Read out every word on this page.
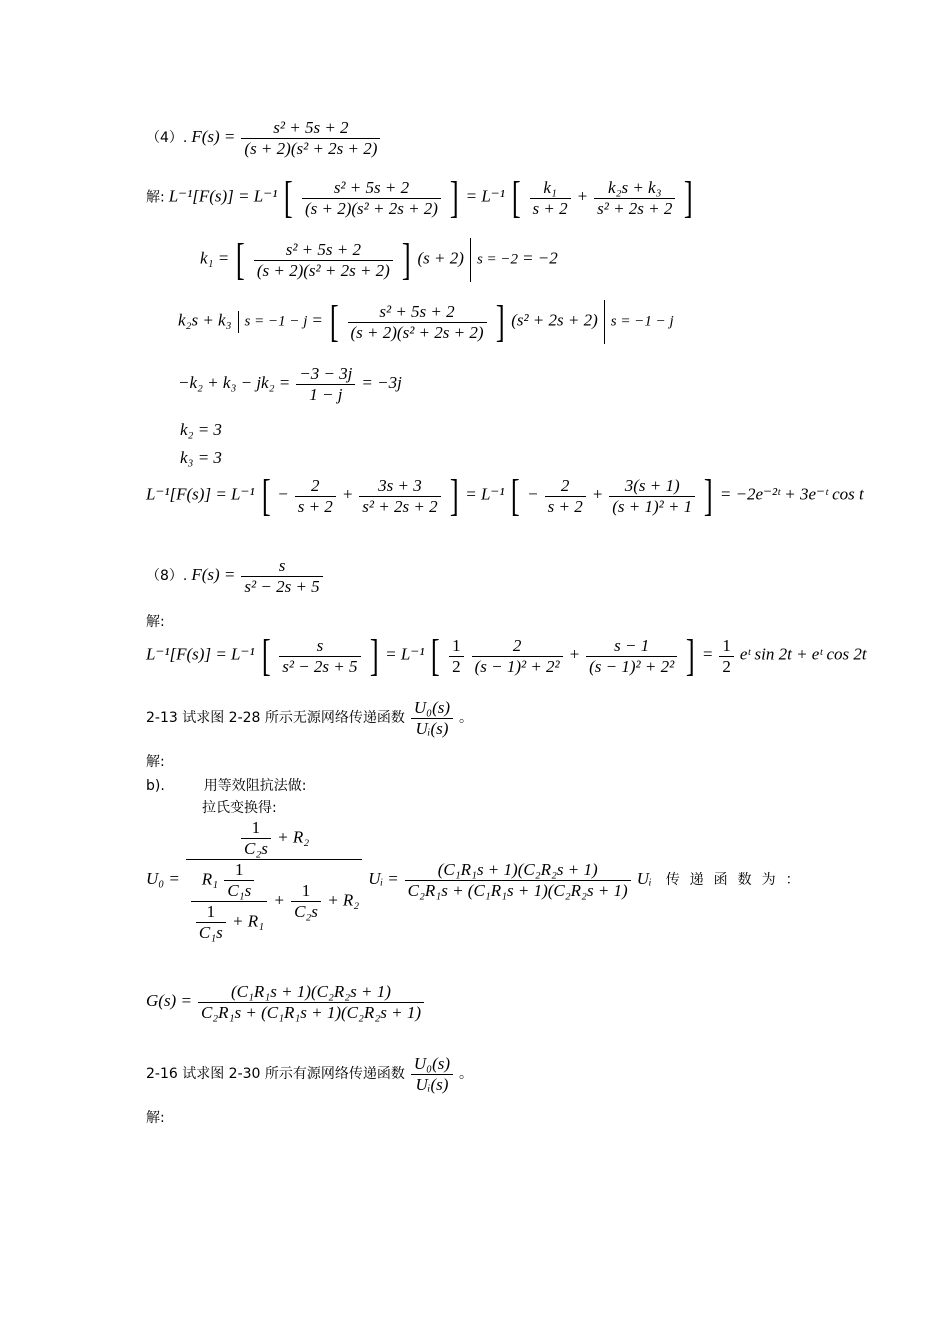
（4）. $F(s) = \frac{\text{s² + 5s + 2}}{\text{(s + 2)(s² + 2s + 2)}}$
解: L⁻¹[F(s)] = L⁻¹ [ $\frac{\text{s² + 5s + 2}}{\text{(s + 2)(s² + 2s + 2)}}$ ] = L⁻¹ [ $\frac{\text{k₁}}{s + 2} + \frac{\text{k₂s + k₃}}{\text{s² + 2s + 2}}$ ]
k₁ = [ $\frac{\text{s² + 5s + 2}}{\text{(s + 2)(s² + 2s + 2)}}$ ] (s + 2) s = −2 = −2
k₂s + k₃ s = −1 − j = [ $\frac{\text{s² + 5s + 2}}{\text{(s + 2)(s² + 2s + 2)}}$ ] (s² + 2s + 2) s = −1 − j
$-k_2 + k_3 - jk_2 = \frac{-3 - 3j}{1 - j} = -3j$
k₂ = 3
k₃ = 3
L⁻¹[F(s)] = L⁻¹ [ − $\frac{2}{s + 2} + \frac{3s + 3}{\text{s² + 2s + 2}}$ ] = L⁻¹ [ − $\frac{2}{s + 2} + \frac{3(s + 1)}{\text{(s + 1)² + 1}}$ ] = −2e⁻²ᵗ + 3e⁻ᵗ cos t
（8）. $F(s) = \frac{s}{\text{s² − 2s + 5}}$
解:
L⁻¹[F(s)] = L⁻¹ [ $\frac{s}{\text{s² − 2s + 5}}$ ] = L⁻¹ [ $\frac{1}{2}$
$\frac{2}{\text{(s − 1)² + 2²}} + \frac{s - 1}{\text{(s − 1)² + 2²}}$ ] = $\frac{1}{2}$ eᵗ sin 2t + eᵗ cos 2t
2-13 试求图 2-28 所示无源网络传递函数 $\frac{\text{U₀(s)}}{\text{Uᵢ(s)}}$ 。
解:
b).	用等效阻抗法做:
拉氏变换得:
U₀ =
$\frac{1}{\text{C₂s}} + R_2$
$\frac{R_1 \frac{1}{\text{C₁s}}}{\frac{1}{\text{C₁s}} + R_1} + \frac{1}{\text{C₂s}} + R_2$
Uᵢ = $\frac{\text{(C₁R₁s + 1)(C₂R₂s + 1)}}{\text{C₂R₁s + (C₁R₁s + 1)(C₂R₂s + 1)}}$ Uᵢ 传递函数为：
$G(s) = \frac{\text{(C₁R₁s + 1)(C₂R₂s + 1)}}{\text{C₂R₁s + (C₁R₁s + 1)(C₂R₂s + 1)}}$
2-16 试求图 2-30 所示有源网络传递函数 $\frac{\text{U₀(s)}}{\text{Uᵢ(s)}}$ 。
解:
